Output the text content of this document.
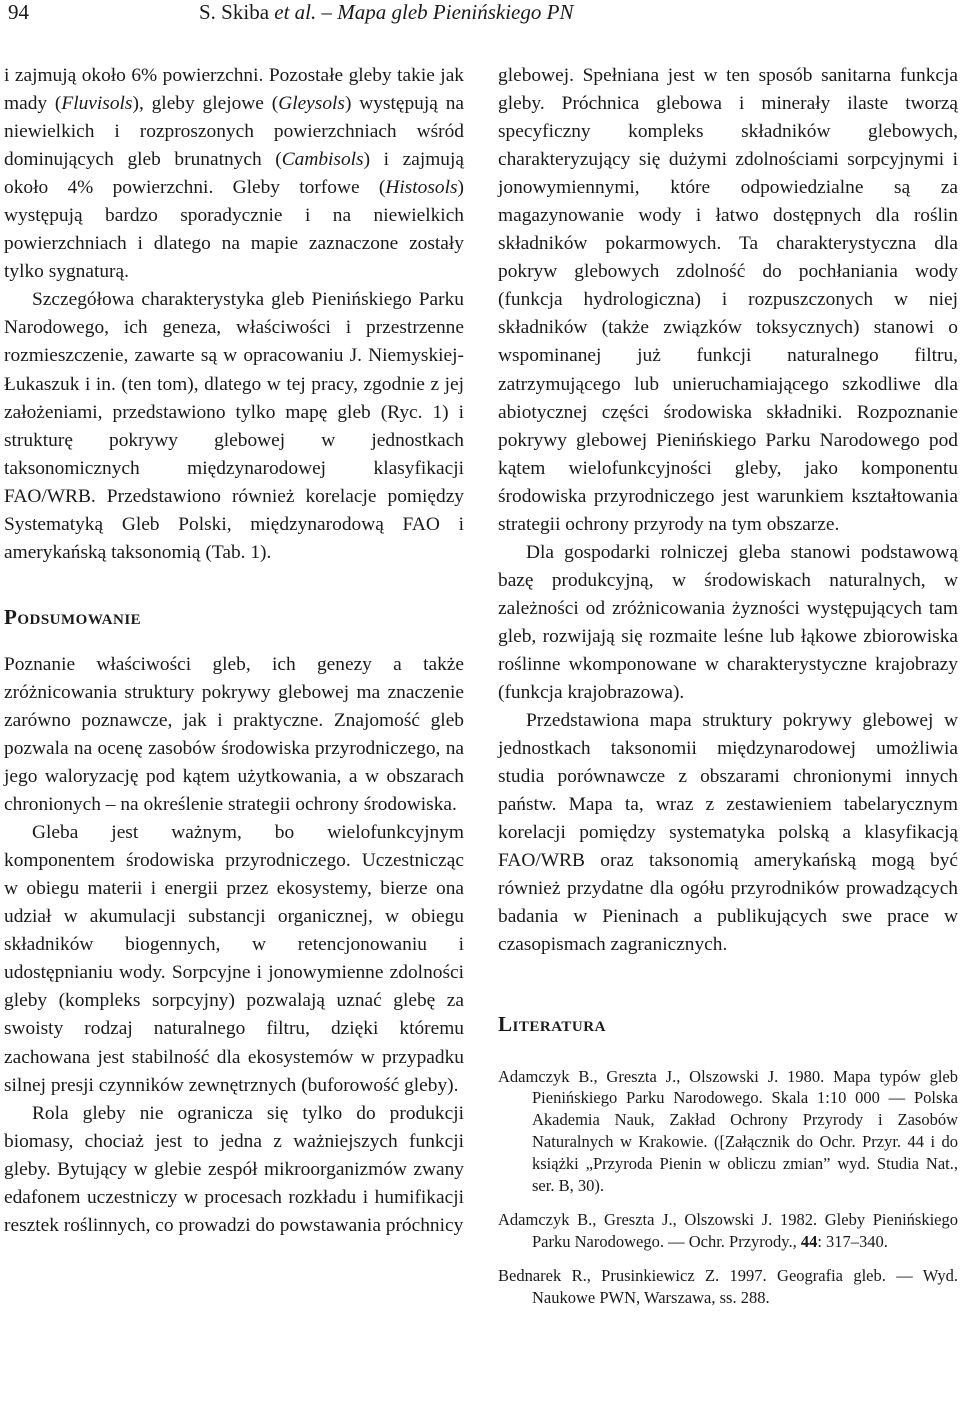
94	S. Skiba et al. – Mapa gleb Pienińskiego PN

i zajmują około 6% powierzchni. Pozostałe gleby takie jak mady (Fluvisols), gleby glejowe (Gleysols) występują na niewielkich i rozproszonych powierzchniach wśród dominujących gleb brunatnych (Cambisols) i zajmują około 4% powierzchni. Gleby torfowe (Histosols) występują bardzo sporadycznie i na niewielkich powierzchniach i dlatego na mapie zaznaczone zostały tylko sygnaturą.

Szczegółowa charakterystyka gleb Pienińskiego Parku Narodowego, ich geneza, właściwości i przestrzenne rozmieszczenie, zawarte są w opracowaniu J. Niemyskiej-Łukaszuk i in. (ten tom), dlatego w tej pracy, zgodnie z jej założeniami, przedstawiono tylko mapę gleb (Ryc. 1) i strukturę pokrywy glebowej w jednostkach taksonomicznych międzynarodowej klasyfikacji FAO/WRB. Przedstawiono również korelacje pomiędzy Systematyką Gleb Polski, międzynarodową FAO i amerykańską taksonomią (Tab. 1).

Podsumowanie

Poznanie właściwości gleb, ich genezy a także zróżnicowania struktury pokrywy glebowej ma znaczenie zarówno poznawcze, jak i praktyczne. Znajomość gleb pozwala na ocenę zasobów środowiska przyrodniczego, na jego waloryzację pod kątem użytkowania, a w obszarach chronionych – na określenie strategii ochrony środowiska.

Gleba jest ważnym, bo wielofunkcyjnym komponentem środowiska przyrodniczego. Uczestnicząc w obiegu materii i energii przez ekosystemy, bierze ona udział w akumulacji substancji organicznej, w obiegu składników biogennych, w retencjonowaniu i udostępnianiu wody. Sorpcyjne i jonowymienne zdolności gleby (kompleks sorpcyjny) pozwalają uznać glebę za swoisty rodzaj naturalnego filtru, dzięki któremu zachowana jest stabilność dla ekosystemów w przypadku silnej presji czynników zewnętrznych (buforowość gleby).

Rola gleby nie ogranicza się tylko do produkcji biomasy, chociaż jest to jedna z ważniejszych funkcji gleby. Bytujący w glebie zespół mikroorganizmów zwany edafonem uczestniczy w procesach rozkładu i humifikacji resztek roślinnych, co prowadzi do powstawania próchnicy

glebowej. Spełniana jest w ten sposób sanitarna funkcja gleby. Próchnica glebowa i minerały ilaste tworzą specyficzny kompleks składników glebowych, charakteryzujący się dużymi zdolnościami sorpcyjnymi i jonowymiennymi, które odpowiedzialne są za magazynowanie wody i łatwo dostępnych dla roślin składników pokarmowych. Ta charakterystyczna dla pokryw glebowych zdolność do pochłaniania wody (funkcja hydrologiczna) i rozpuszczonych w niej składników (także związków toksycznych) stanowi o wspominanej już funkcji naturalnego filtru, zatrzymującego lub unieruchamiającego szkodliwe dla abiotycznej części środowiska składniki. Rozpoznanie pokrywy glebowej Pienińskiego Parku Narodowego pod kątem wielofunkcyjności gleby, jako komponentu środowiska przyrodniczego jest warunkiem kształtowania strategii ochrony przyrody na tym obszarze.

Dla gospodarki rolniczej gleba stanowi podstawową bazę produkcyjną, w środowiskach naturalnych, w zależności od zróżnicowania żyzności występujących tam gleb, rozwijają się rozmaite leśne lub łąkowe zbiorowiska roślinne wkomponowane w charakterystyczne krajobrazy (funkcja krajobrazowa).

Przedstawiona mapa struktury pokrywy glebowej w jednostkach taksonomii międzynarodowej umożliwia studia porównawcze z obszarami chronionymi innych państw. Mapa ta, wraz z zestawieniem tabelarycznym korelacji pomiędzy systematyka polską a klasyfikacją FAO/WRB oraz taksonomią amerykańską mogą być również przydatne dla ogółu przyrodników prowadzących badania w Pieninach a publikujących swe prace w czasopismach zagranicznych.

Literatura

Adamczyk B., Greszta J., Olszowski J. 1980. Mapa typów gleb Pienińskiego Parku Narodowego. Skala 1:10 000 — Polska Akademia Nauk, Zakład Ochrony Przyrody i Zasobów Naturalnych w Krakowie. ([Załącznik do Ochr. Przyr. 44 i do książki „Przyroda Pienin w obliczu zmian” wyd. Studia Nat., ser. B, 30).

Adamczyk B., Greszta J., Olszowski J. 1982. Gleby Pienińskiego Parku Narodowego. — Ochr. Przyrody., 44: 317–340.

Bednarek R., Prusinkiewicz Z. 1997. Geografia gleb. — Wyd. Naukowe PWN, Warszawa, ss. 288.
